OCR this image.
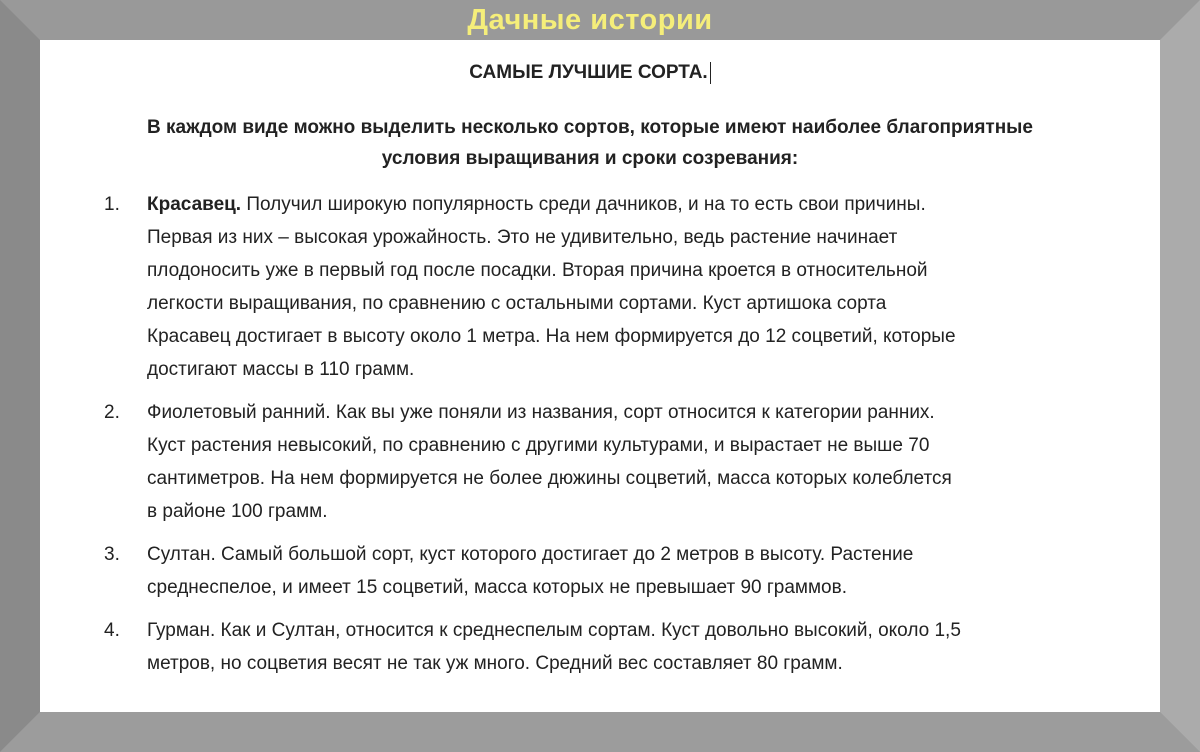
Дачные истории
САМЫЕ ЛУЧШИЕ СОРТА.
В каждом виде можно выделить несколько сортов, которые имеют наиболее благоприятные
условия выращивания и сроки созревания:
1.	Красавец. Получил широкую популярность среди дачников, и на то есть свои причины.
Первая из них – высокая урожайность. Это не удивительно, ведь растение начинает
плодоносить уже в первый год после посадки. Вторая причина кроется в относительной
легкости выращивания, по сравнению с остальными сортами. Куст артишока сорта
Красавец достигает в высоту около 1 метра. На нем формируется до 12 соцветий, которые
достигают массы в 110 грамм.
2.	Фиолетовый ранний. Как вы уже поняли из названия, сорт относится к категории ранних.
Куст растения невысокий, по сравнению с другими культурами, и вырастает не выше 70
сантиметров. На нем формируется не более дюжины соцветий, масса которых колеблется
в районе 100 грамм.
3.	Султан. Самый большой сорт, куст которого достигает до 2 метров в высоту. Растение
среднеспелое, и имеет 15 соцветий, масса которых не превышает 90 граммов.
4.	Гурман. Как и Султан, относится к среднеспелым сортам. Куст довольно высокий, около 1,5
метров, но соцветия весят не так уж много. Средний вес составляет 80 грамм.
